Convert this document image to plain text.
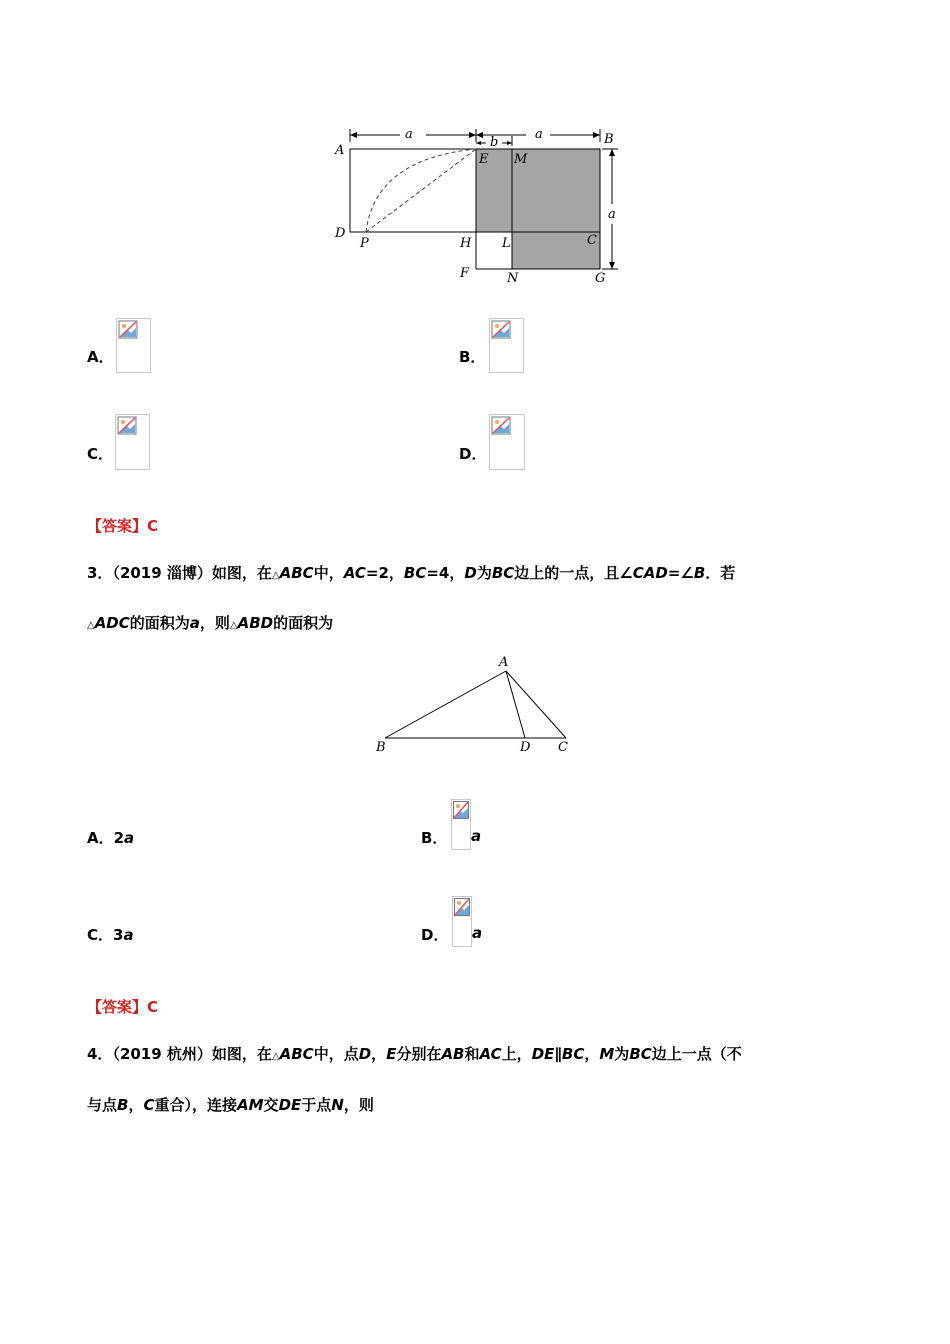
a	a
b
a
A
B
E M
D
P	H L	C
F	N	G
A．	B．
C．	D．
【答案】C
3．（2019 淄博）如图，在△ABC中，AC=2，BC=4，D为BC边上的一点，且∠CAD=∠B．若
△ADC的面积为a，则△ABD的面积为
A
B	D C
A．2a	B． a
C．3a	D． a
【答案】C
4．（2019 杭州）如图，在△ABC中，点D，E分别在AB和AC上，DE∥BC，M为BC边上一点（不
与点B，C重合），连接AM交DE于点N，则
